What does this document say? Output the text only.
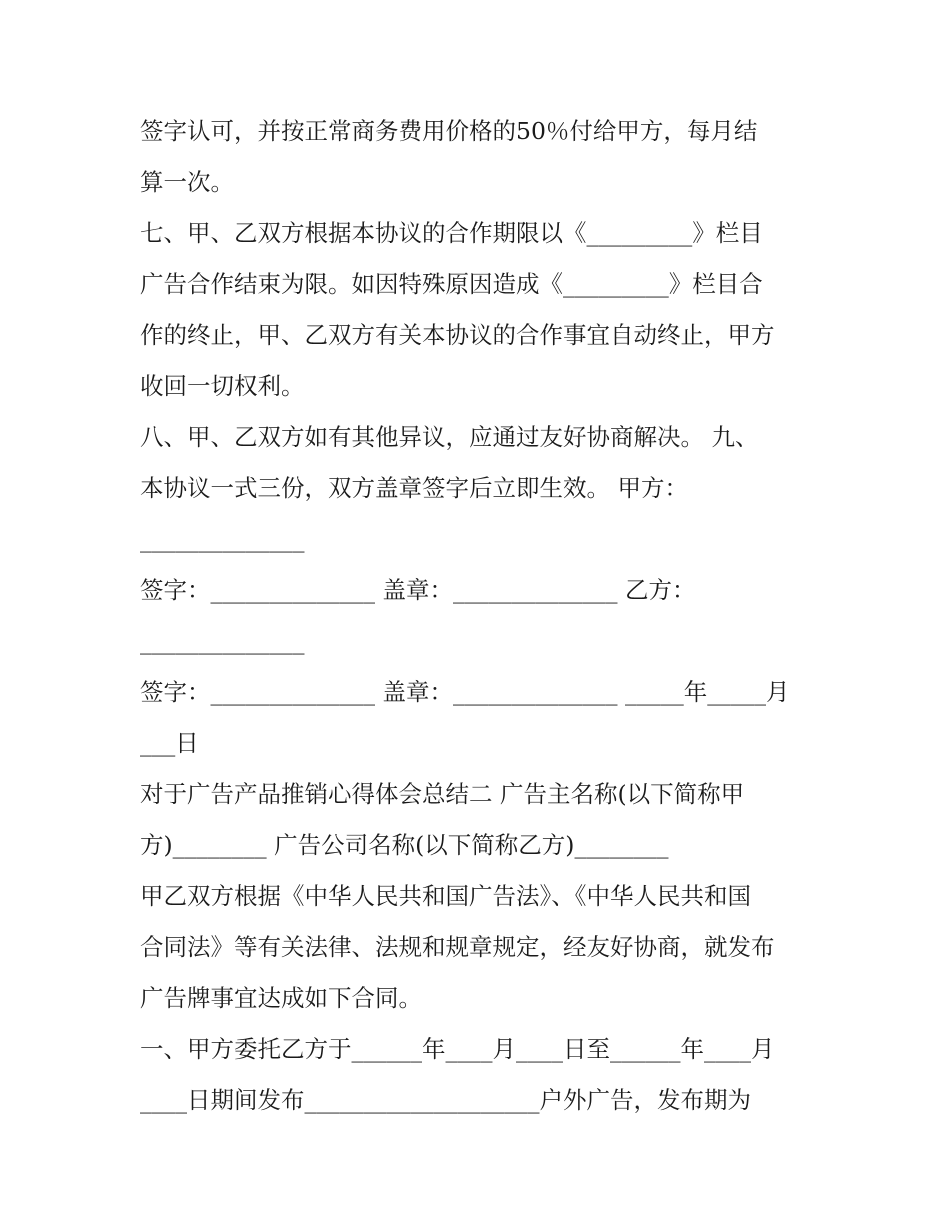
签字认可，并按正常商务费用价格的50％付给甲方，每月结
算一次。
七、甲、乙双方根据本协议的合作期限以《_________》栏目
广告合作结束为限。如因特殊原因造成《_________》栏目合
作的终止，甲、乙双方有关本协议的合作事宜自动终止，甲方
收回一切权利。
八、甲、乙双方如有其他异议，应通过友好协商解决。 九、
本协议一式三份，双方盖章签字后立即生效。 甲方：
______________
签字：______________ 盖章：______________ 乙方：
______________
签字：______________ 盖章：______________ _____年_____月
___日
对于广告产品推销心得体会总结二 广告主名称(以下简称甲
方)________ 广告公司名称(以下简称乙方)________
甲乙双方根据《中华人民共和国广告法》、《中华人民共和国
合同法》等有关法律、法规和规章规定，经友好协商，就发布
广告牌事宜达成如下合同。
一、甲方委托乙方于______年____月____日至______年____月
____日期间发布____________________户外广告，发布期为
